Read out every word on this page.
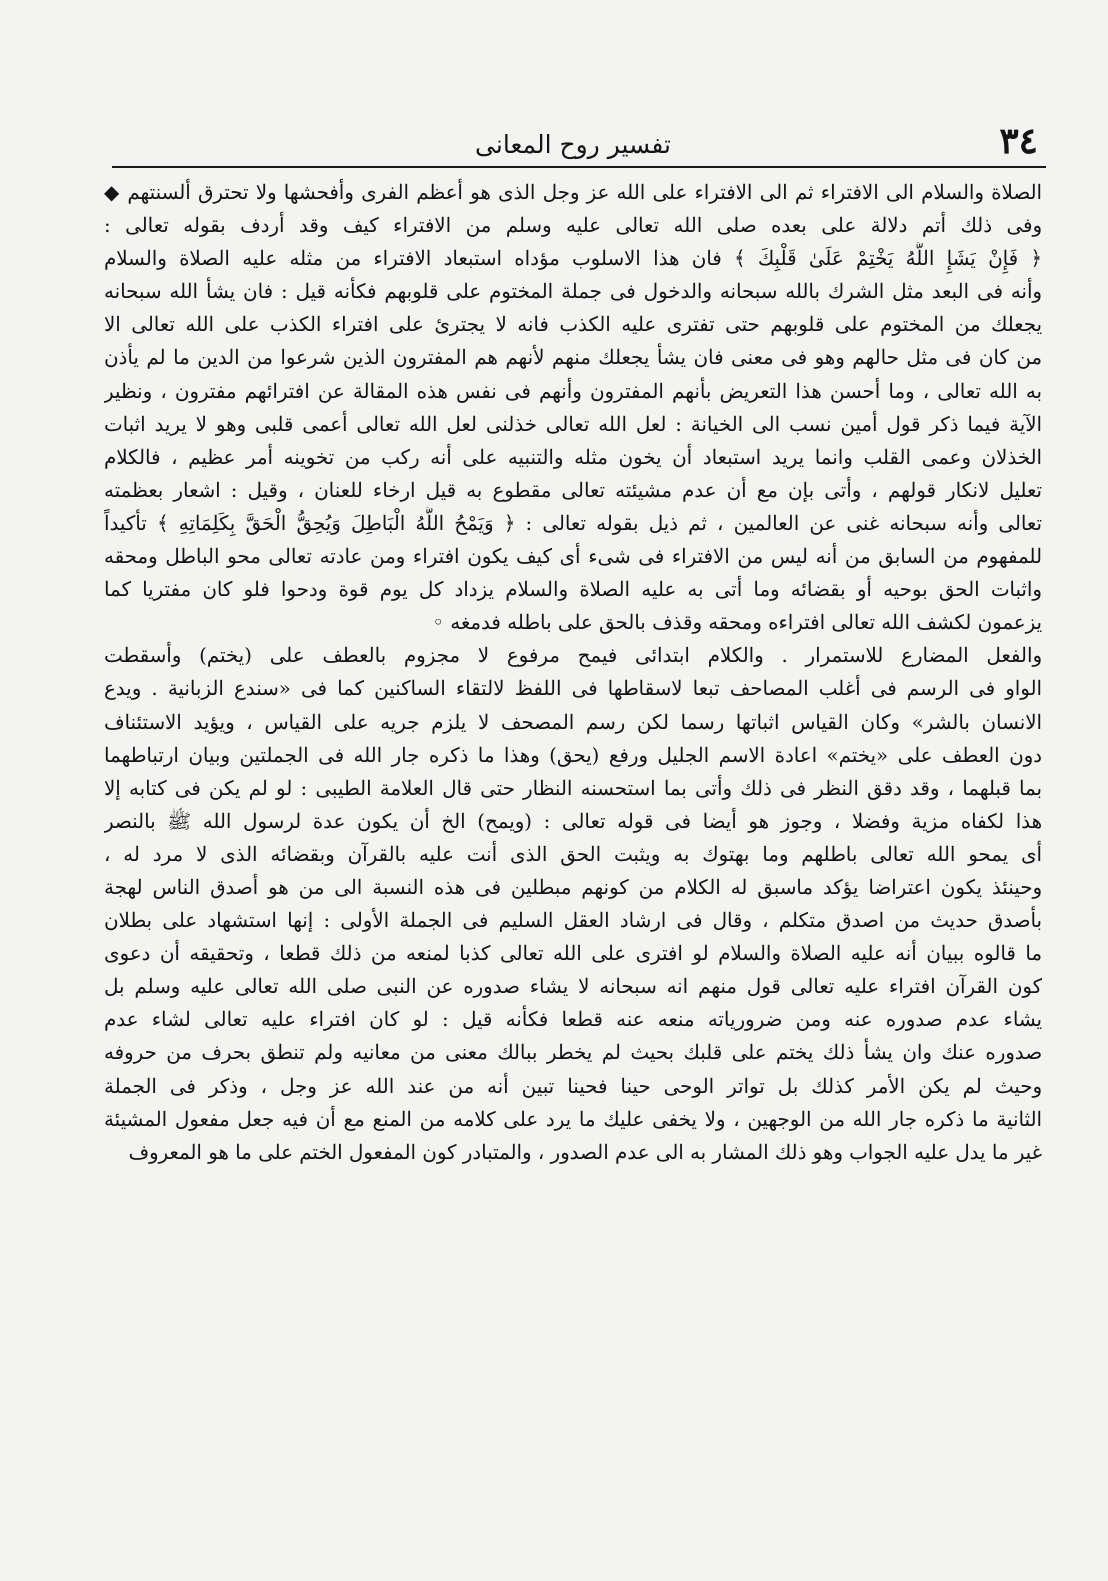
٣٤
تفسير روح المعانى
الصلاة والسلام الى الافتراء ثم الى الافتراء على الله عز وجل الذى هو أعظم الفرى وأفحشها ولا تحترق ألسنتهم ◆
وفى ذلك أتم دلالة على بعده صلى الله تعالى عليه وسلم من الافتراء كيف وقد أردف بقوله تعالى :
﴿ فَإِنْ يَشَإِ اللَّهُ يَخْتِمْ عَلَىٰ قَلْبِكَ ﴾ فان هذا الاسلوب مؤداه استبعاد الافتراء من مثله عليه الصلاة والسلام
وأنه فى البعد مثل الشرك بالله سبحانه والدخول فى جملة المختوم على قلوبهم فكأنه قيل : فان يشأ الله سبحانه
يجعلك من المختوم على قلوبهم حتى تفترى عليه الكذب فانه لا يجترئ على افتراء الكذب على الله تعالى الا
من كان فى مثل حالهم وهو فى معنى فان يشأ يجعلك منهم لأنهم هم المفترون الذين شرعوا من الدين ما لم يأذن
به الله تعالى ، وما أحسن هذا التعريض بأنهم المفترون وأنهم فى نفس هذه المقالة عن افترائهم مفترون ، ونظير
الآية فيما ذكر قول أمين نسب الى الخيانة : لعل الله تعالى خذلنى لعل الله تعالى أعمى قلبى وهو لا يريد اثبات
الخذلان وعمى القلب وانما يريد استبعاد أن يخون مثله والتنبيه على أنه ركب من تخوينه أمر عظيم ، فالكلام
تعليل لانكار قولهم ، وأتى بإن مع أن عدم مشيئته تعالى مقطوع به قيل ارخاء للعنان ، وقيل : اشعار بعظمته
تعالى وأنه سبحانه غنى عن العالمين ، ثم ذيل بقوله تعالى : ﴿ وَيَمْحُ اللَّهُ الْبَاطِلَ وَيُحِقُّ الْحَقَّ بِكَلِمَاتِهِ ﴾ تأكيداً
للمفهوم من السابق من أنه ليس من الافتراء فى شىء أى كيف يكون افتراء ومن عادته تعالى محو الباطل ومحقه
واثبات الحق بوحيه أو بقضائه وما أتى به عليه الصلاة والسلام يزداد كل يوم قوة ودحوا فلو كان مفتريا كما
يزعمون لكشف الله تعالى افتراءه ومحقه وقذف بالحق على باطله فدمغه ◦
والفعل المضارع للاستمرار . والكلام ابتدائى فيمح مرفوع لا مجزوم بالعطف على (يختم) وأسقطت
الواو فى الرسم فى أغلب المصاحف تبعا لاسقاطها فى اللفظ لالتقاء الساكنين كما فى «سندع الزبانية . ويدع
الانسان بالشر» وكان القياس اثباتها رسما لكن رسم المصحف لا يلزم جريه على القياس ، ويؤيد الاستئناف
دون العطف على «يختم» اعادة الاسم الجليل ورفع (يحق) وهذا ما ذكره جار الله فى الجملتين وبيان ارتباطهما
بما قبلهما ، وقد دقق النظر فى ذلك وأتى بما استحسنه النظار حتى قال العلامة الطيبى : لو لم يكن فى كتابه إلا
هذا لكفاه مزية وفضلا ، وجوز هو أيضا فى قوله تعالى : (ويمح) الخ أن يكون عدة لرسول الله ﷺ بالنصر
أى يمحو الله تعالى باطلهم وما بهتوك به ويثبت الحق الذى أنت عليه بالقرآن وبقضائه الذى لا مرد له ،
وحينئذ يكون اعتراضا يؤكد ماسبق له الكلام من كونهم مبطلين فى هذه النسبة الى من هو أصدق الناس لهجة
بأصدق حديث من اصدق متكلم ، وقال فى ارشاد العقل السليم فى الجملة الأولى : إنها استشهاد على بطلان
ما قالوه ببيان أنه عليه الصلاة والسلام لو افترى على الله تعالى كذبا لمنعه من ذلك قطعا ، وتحقيقه أن دعوى
كون القرآن افتراء عليه تعالى قول منهم انه سبحانه لا يشاء صدوره عن النبى صلى الله تعالى عليه وسلم بل
يشاء عدم صدوره عنه ومن ضرورياته منعه عنه قطعا فكأنه قيل : لو كان افتراء عليه تعالى لشاء عدم
صدوره عنك وان يشأ ذلك يختم على قلبك بحيث لم يخطر ببالك معنى من معانيه ولم تنطق بحرف من حروفه
وحيث لم يكن الأمر كذلك بل تواتر الوحى حينا فحينا تبين أنه من عند الله عز وجل ، وذكر فى الجملة
الثانية ما ذكره جار الله من الوجهين ، ولا يخفى عليك ما يرد على كلامه من المنع مع أن فيه جعل مفعول المشيئة
غير ما يدل عليه الجواب وهو ذلك المشار به الى عدم الصدور ، والمتبادر كون المفعول الختم على ما هو المعروف
